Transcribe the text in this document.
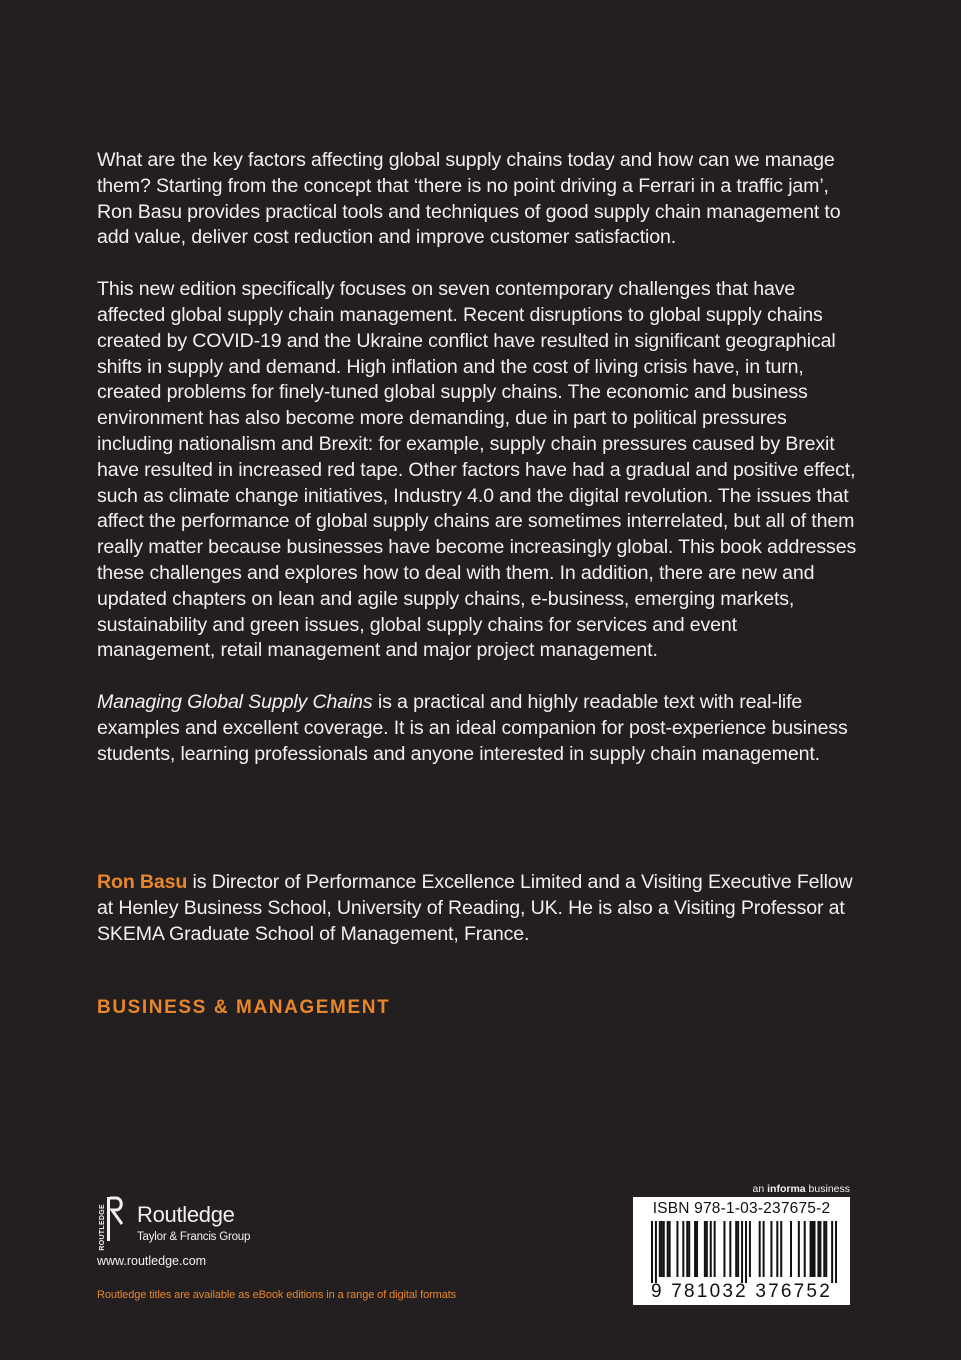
What are the key factors affecting global supply chains today and how can we manage them? Starting from the concept that ‘there is no point driving a Ferrari in a traffic jam’, Ron Basu provides practical tools and techniques of good supply chain management to add value, deliver cost reduction and improve customer satisfaction.

This new edition specifically focuses on seven contemporary challenges that have affected global supply chain management. Recent disruptions to global supply chains created by COVID-19 and the Ukraine conflict have resulted in significant geographical shifts in supply and demand. High inflation and the cost of living crisis have, in turn, created problems for finely-tuned global supply chains. The economic and business environment has also become more demanding, due in part to political pressures including nationalism and Brexit: for example, supply chain pressures caused by Brexit have resulted in increased red tape. Other factors have had a gradual and positive effect, such as climate change initiatives, Industry 4.0 and the digital revolution. The issues that affect the performance of global supply chains are sometimes interrelated, but all of them really matter because businesses have become increasingly global. This book addresses these challenges and explores how to deal with them. In addition, there are new and updated chapters on lean and agile supply chains, e-business, emerging markets, sustainability and green issues, global supply chains for services and event management, retail management and major project management.

Managing Global Supply Chains is a practical and highly readable text with real-life examples and excellent coverage. It is an ideal companion for post-experience business students, learning professionals and anyone interested in supply chain management.

Ron Basu is Director of Performance Excellence Limited and a Visiting Executive Fellow at Henley Business School, University of Reading, UK. He is also a Visiting Professor at SKEMA Graduate School of Management, France.

BUSINESS & MANAGEMENT

ROUTLEDGE Routledge
Taylor & Francis Group
www.routledge.com

Routledge titles are available as eBook editions in a range of digital formats

an informa business
ISBN 978-1-03-237675-2
9 781032 376752
